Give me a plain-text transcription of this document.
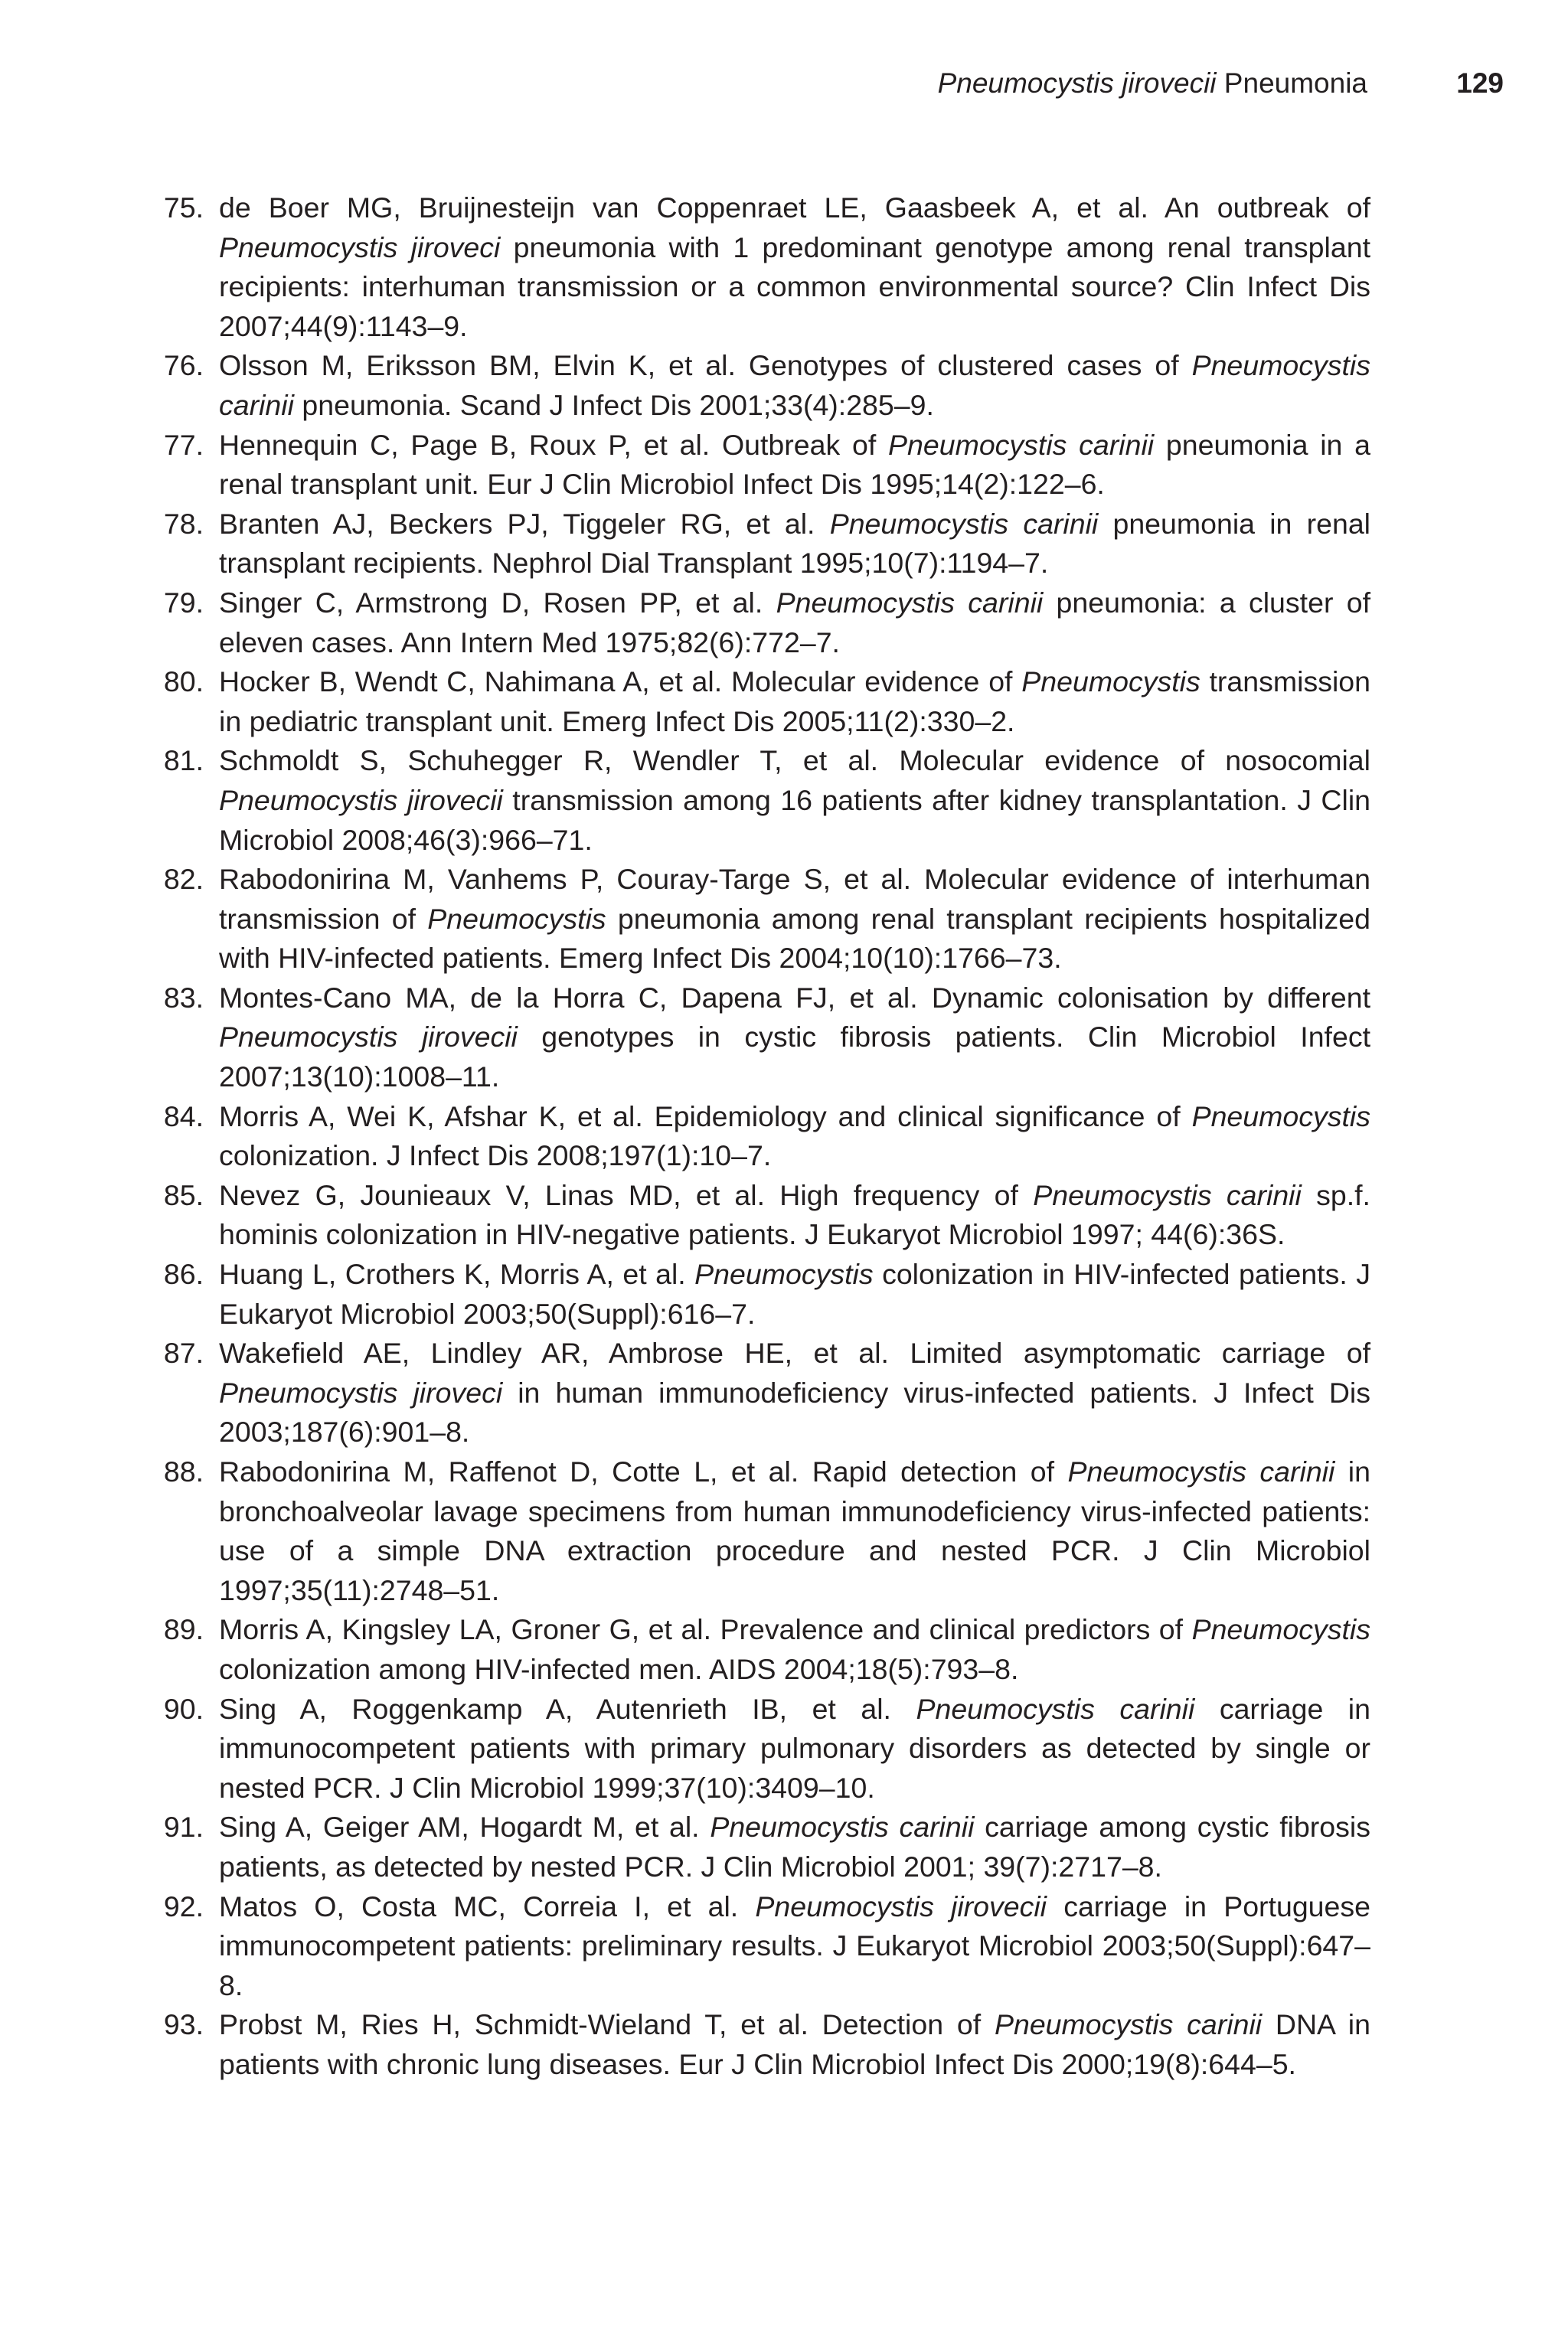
Pneumocystis jirovecii Pneumonia	129
75. de Boer MG, Bruijnesteijn van Coppenraet LE, Gaasbeek A, et al. An outbreak of Pneumocystis jiroveci pneumonia with 1 predominant genotype among renal transplant recipients: interhuman transmission or a common environmental source? Clin Infect Dis 2007;44(9):1143–9.
76. Olsson M, Eriksson BM, Elvin K, et al. Genotypes of clustered cases of Pneumocystis carinii pneumonia. Scand J Infect Dis 2001;33(4):285–9.
77. Hennequin C, Page B, Roux P, et al. Outbreak of Pneumocystis carinii pneumonia in a renal transplant unit. Eur J Clin Microbiol Infect Dis 1995;14(2):122–6.
78. Branten AJ, Beckers PJ, Tiggeler RG, et al. Pneumocystis carinii pneumonia in renal transplant recipients. Nephrol Dial Transplant 1995;10(7):1194–7.
79. Singer C, Armstrong D, Rosen PP, et al. Pneumocystis carinii pneumonia: a cluster of eleven cases. Ann Intern Med 1975;82(6):772–7.
80. Hocker B, Wendt C, Nahimana A, et al. Molecular evidence of Pneumocystis transmission in pediatric transplant unit. Emerg Infect Dis 2005;11(2):330–2.
81. Schmoldt S, Schuhegger R, Wendler T, et al. Molecular evidence of nosocomial Pneumocystis jirovecii transmission among 16 patients after kidney transplantation. J Clin Microbiol 2008;46(3):966–71.
82. Rabodonirina M, Vanhems P, Couray-Targe S, et al. Molecular evidence of interhuman transmission of Pneumocystis pneumonia among renal transplant recipients hospitalized with HIV-infected patients. Emerg Infect Dis 2004;10(10):1766–73.
83. Montes-Cano MA, de la Horra C, Dapena FJ, et al. Dynamic colonisation by different Pneumocystis jirovecii genotypes in cystic fibrosis patients. Clin Microbiol Infect 2007;13(10):1008–11.
84. Morris A, Wei K, Afshar K, et al. Epidemiology and clinical significance of Pneumocystis colonization. J Infect Dis 2008;197(1):10–7.
85. Nevez G, Jounieaux V, Linas MD, et al. High frequency of Pneumocystis carinii sp.f. hominis colonization in HIV-negative patients. J Eukaryot Microbiol 1997; 44(6):36S.
86. Huang L, Crothers K, Morris A, et al. Pneumocystis colonization in HIV-infected patients. J Eukaryot Microbiol 2003;50(Suppl):616–7.
87. Wakefield AE, Lindley AR, Ambrose HE, et al. Limited asymptomatic carriage of Pneumocystis jiroveci in human immunodeficiency virus-infected patients. J Infect Dis 2003;187(6):901–8.
88. Rabodonirina M, Raffenot D, Cotte L, et al. Rapid detection of Pneumocystis carinii in bronchoalveolar lavage specimens from human immunodeficiency virus-infected patients: use of a simple DNA extraction procedure and nested PCR. J Clin Microbiol 1997;35(11):2748–51.
89. Morris A, Kingsley LA, Groner G, et al. Prevalence and clinical predictors of Pneumocystis colonization among HIV-infected men. AIDS 2004;18(5):793–8.
90. Sing A, Roggenkamp A, Autenrieth IB, et al. Pneumocystis carinii carriage in immunocompetent patients with primary pulmonary disorders as detected by single or nested PCR. J Clin Microbiol 1999;37(10):3409–10.
91. Sing A, Geiger AM, Hogardt M, et al. Pneumocystis carinii carriage among cystic fibrosis patients, as detected by nested PCR. J Clin Microbiol 2001; 39(7):2717–8.
92. Matos O, Costa MC, Correia I, et al. Pneumocystis jirovecii carriage in Portuguese immunocompetent patients: preliminary results. J Eukaryot Microbiol 2003;50(Suppl):647–8.
93. Probst M, Ries H, Schmidt-Wieland T, et al. Detection of Pneumocystis carinii DNA in patients with chronic lung diseases. Eur J Clin Microbiol Infect Dis 2000;19(8):644–5.
